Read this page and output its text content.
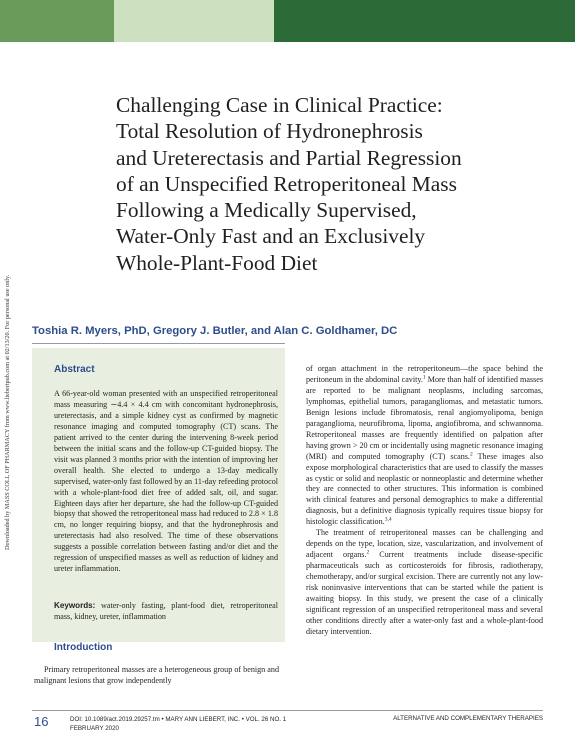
Downloaded by MASS COLL OF PHARMACY from www.liebertpub.com at 02/13/20. For personal use only.
Challenging Case in Clinical Practice:
Total Resolution of Hydronephrosis
and Ureterectasis and Partial Regression
of an Unspecified Retroperitoneal Mass
Following a Medically Supervised,
Water-Only Fast and an Exclusively
Whole-Plant-Food Diet
Toshia R. Myers, PhD, Gregory J. Butler, and Alan C. Goldhamer, DC
Abstract
A 66-year-old woman presented with an unspecified retroperitoneal mass measuring ∼4.4 × 4.4 cm with concomitant hydronephrosis, ureterectasis, and a simple kidney cyst as confirmed by magnetic resonance imaging and computed tomography (CT) scans. The patient arrived to the center during the intervening 8-week period between the initial scans and the follow-up CT-guided biopsy. The visit was planned 3 months prior with the intention of improving her overall health. She elected to undergo a 13-day medically supervised, water-only fast followed by an 11-day refeeding protocol with a whole-plant-food diet free of added salt, oil, and sugar. Eighteen days after her departure, she had the follow-up CT-guided biopsy that showed the retroperitoneal mass had reduced to 2.8 × 1.8 cm, no longer requiring biopsy, and that the hydronephrosis and ureterectasis had also resolved. The time of these observations suggests a possible correlation between fasting and/or diet and the regression of unspecified masses as well as reduction of kidney and ureter inflammation.
Keywords: water-only fasting, plant-food diet, retroperitoneal mass, kidney, ureter, inflammation
Introduction
Primary retroperitoneal masses are a heterogeneous group of benign and malignant lesions that grow independently

of organ attachment in the retroperitoneum—the space behind the peritoneum in the abdominal cavity.$^1$ More than half of identified masses are reported to be malignant neoplasms, including sarcomas, lymphomas, epithelial tumors, paragangliomas, and metastatic tumors. Benign lesions include fibromatosis, renal angiomyolipoma, benign paraganglioma, neurofibroma, lipoma, angiofibroma, and schwannoma. Retroperitoneal masses are frequently identified on palpation after having grown > 20 cm or incidentally using magnetic resonance imaging (MRI) and computed tomography (CT) scans.$^2$ These images also expose morphological characteristics that are used to classify the masses as cystic or solid and neoplastic or nonneoplastic and determine whether they are connected to other structures. This information is combined with clinical features and personal demographics to make a differential diagnosis, but a definitive diagnosis typically requires tissue biopsy for histologic classification.$^{3,4}$

The treatment of retroperitoneal masses can be challenging and depends on the type, location, size, vascularization, and involvement of adjacent organs.$^2$ Current treatments include disease-specific pharmaceuticals such as corticosteroids for fibrosis, radiotherapy, chemotherapy, and/or surgical excision. There are currently not any low-risk noninvasive interventions that can be started while the patient is awaiting biopsy. In this study, we present the case of a clinically significant regression of an unspecified retroperitoneal mass and several other conditions directly after a water-only fast and a whole-plant-food dietary intervention.

16	DOI: 10.1089/act.2019.29257.tm • MARY ANN LIEBERT, INC. • VOL. 26 NO. 1
FEBRUARY 2020
ALTERNATIVE AND COMPLEMENTARY THERAPIES
